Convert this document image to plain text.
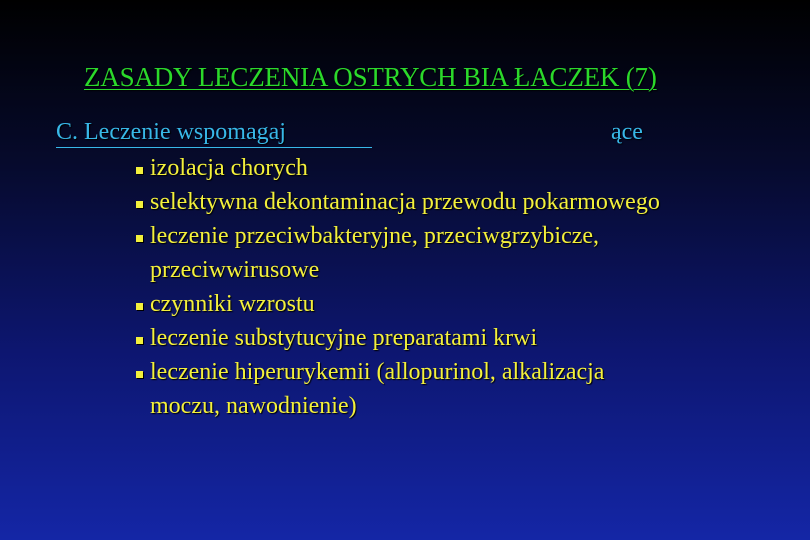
ZASADY LECZENIA OSTRYCH BIA ŁACZEK (7)
C. Leczenie wspomagaj	ące
izolacja chorych
selektywna dekontaminacja przewodu pokarmowego
leczenie przeciwbakteryjne, przeciwgrzybicze,
przeciwwirusowe
czynniki wzrostu
leczenie substytucyjne preparatami krwi
leczenie hiperurykemii (allopurinol, alkalizacja
moczu, nawodnienie)
